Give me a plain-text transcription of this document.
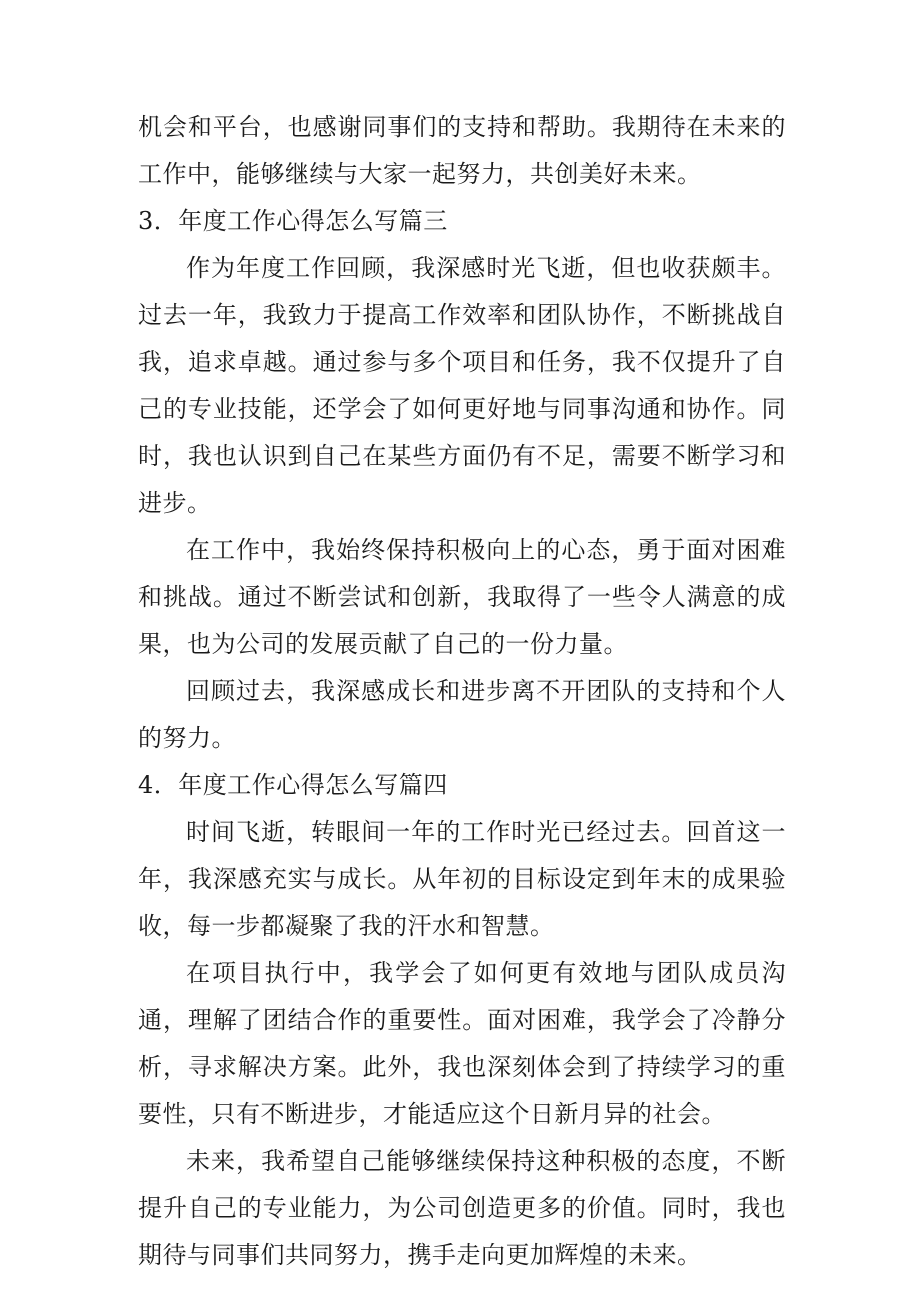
机会和平台，也感谢同事们的支持和帮助。我期待在未来的工作中，能够继续与大家一起努力，共创美好未来。

3．年度工作心得怎么写篇三

作为年度工作回顾，我深感时光飞逝，但也收获颇丰。过去一年，我致力于提高工作效率和团队协作，不断挑战自我，追求卓越。通过参与多个项目和任务，我不仅提升了自己的专业技能，还学会了如何更好地与同事沟通和协作。同时，我也认识到自己在某些方面仍有不足，需要不断学习和进步。

在工作中，我始终保持积极向上的心态，勇于面对困难和挑战。通过不断尝试和创新，我取得了一些令人满意的成果，也为公司的发展贡献了自己的一份力量。

回顾过去，我深感成长和进步离不开团队的支持和个人的努力。

4．年度工作心得怎么写篇四

时间飞逝，转眼间一年的工作时光已经过去。回首这一年，我深感充实与成长。从年初的目标设定到年末的成果验收，每一步都凝聚了我的汗水和智慧。

在项目执行中，我学会了如何更有效地与团队成员沟通，理解了团结合作的重要性。面对困难，我学会了冷静分析，寻求解决方案。此外，我也深刻体会到了持续学习的重要性，只有不断进步，才能适应这个日新月异的社会。

未来，我希望自己能够继续保持这种积极的态度，不断提升自己的专业能力，为公司创造更多的价值。同时，我也期待与同事们共同努力，携手走向更加辉煌的未来。
